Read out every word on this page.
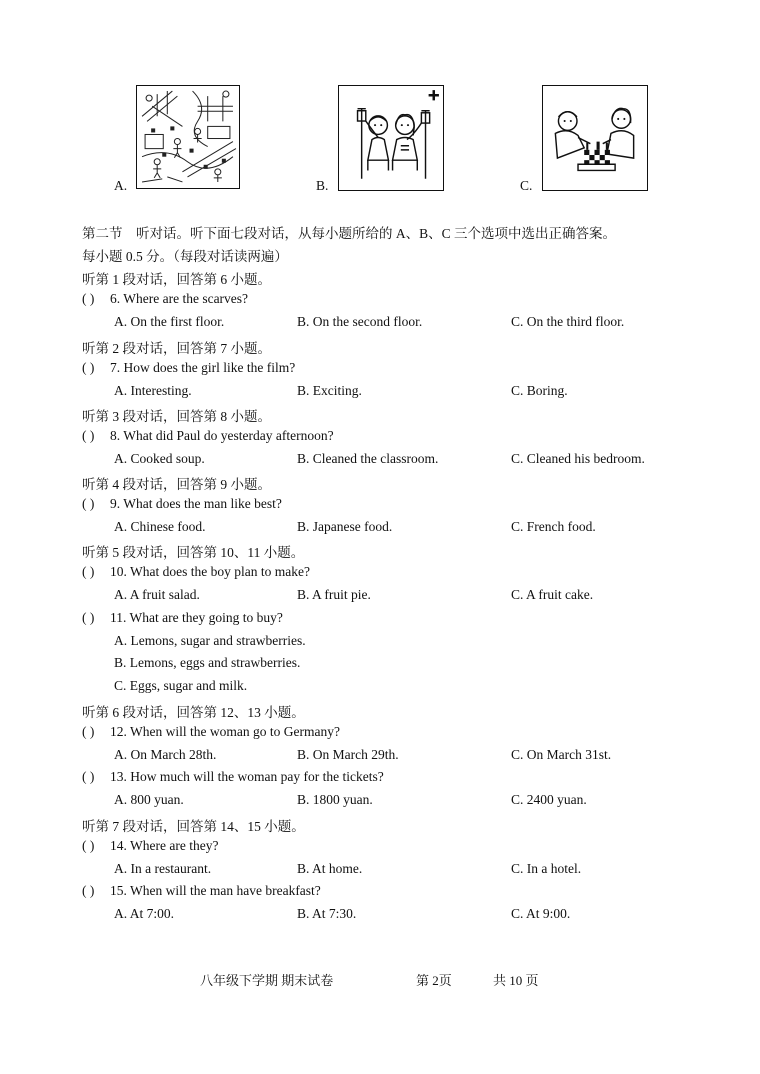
A.	B.	C.
第二节　听对话。听下面七段对话，从每小题所给的 A、B、C 三个选项中选出正确答案。
每小题 0.5 分。（每段对话读两遍）
听第 1 段对话，回答第 6 小题。
( ) 6. Where are the scarves?
A. On the first floor.	B. On the second floor.	C. On the third floor.
听第 2 段对话，回答第 7 小题。
( ) 7. How does the girl like the film?
A. Interesting.	B. Exciting.	C. Boring.
听第 3 段对话，回答第 8 小题。
( ) 8. What did Paul do yesterday afternoon?
A. Cooked soup.	B. Cleaned the classroom.	C. Cleaned his bedroom.
听第 4 段对话，回答第 9 小题。
( ) 9. What does the man like best?
A. Chinese food.	B. Japanese food.	C. French food.
听第 5 段对话，回答第 10、11 小题。
( ) 10. What does the boy plan to make?
A. A fruit salad.	B. A fruit pie.	C. A fruit cake.
( ) 11. What are they going to buy?
A. Lemons, sugar and strawberries.
B. Lemons, eggs and strawberries.
C. Eggs, sugar and milk.
听第 6 段对话，回答第 12、13 小题。
( ) 12. When will the woman go to Germany?
A. On March 28th.	B. On March 29th.	C. On March 31st.
( ) 13. How much will the woman pay for the tickets?
A. 800 yuan.	B. 1800 yuan.	C. 2400 yuan.
听第 7 段对话，回答第 14、15 小题。
( ) 14. Where are they?
A. In a restaurant.	B. At home.	C. In a hotel.
( ) 15. When will the man have breakfast?
A. At 7:00.	B. At 7:30.	C. At 9:00.
八年级下学期 期末试卷	第 2页	共 10 页
